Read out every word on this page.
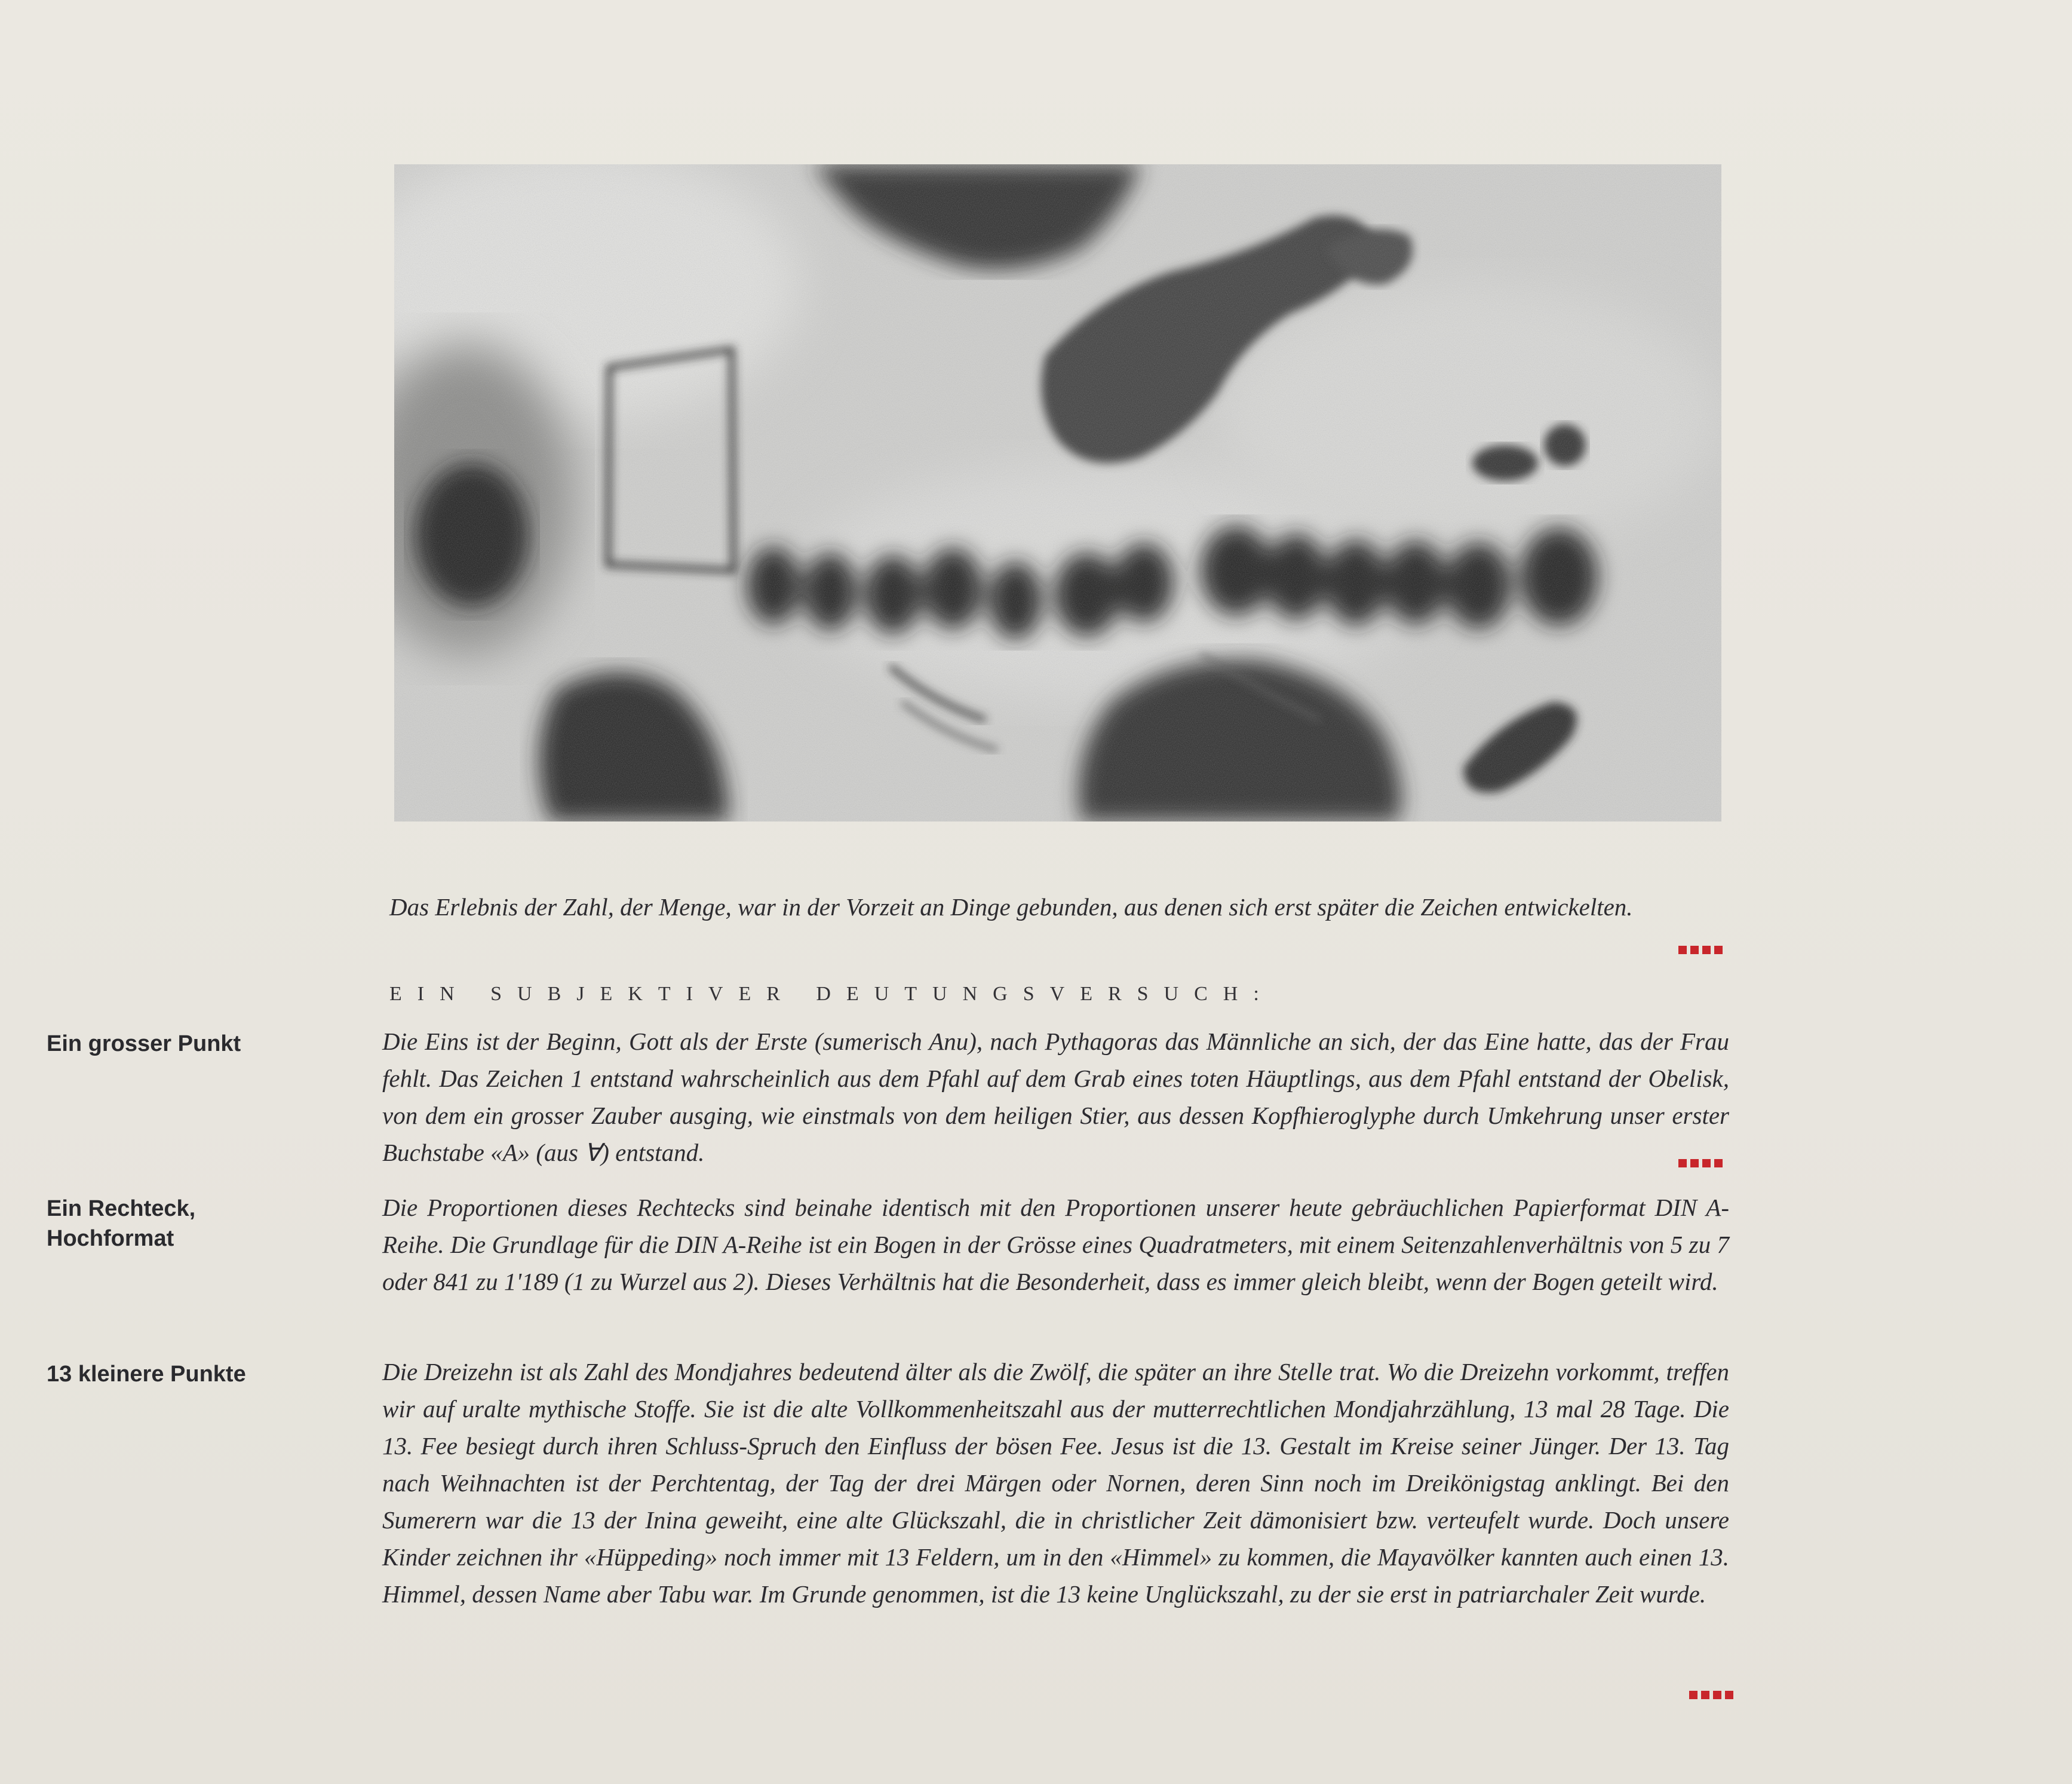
Das Erlebnis der Zahl, der Menge, war in der Vorzeit an Dinge gebunden, aus denen sich erst später die Zeichen entwickelten.
EIN SUBJEKTIVER DEUTUNGSVERSUCH:
Ein grosser Punkt	Die Eins ist der Beginn, Gott als der Erste (sumerisch Anu), nach Pythagoras das Männliche an sich, der das Eine hatte, das der Frau fehlt. Das Zeichen 1 entstand wahrscheinlich aus dem Pfahl auf dem Grab eines toten Häuptlings, aus dem Pfahl entstand der Obelisk, von dem ein grosser Zauber ausging, wie einstmals von dem heiligen Stier, aus dessen Kopfhieroglyphe durch Umkehrung unser erster Buchstabe «A» (aus ∀) entstand.
Ein Rechteck, Hochformat
Die Proportionen dieses Rechtecks sind beinahe identisch mit den Proportionen unserer heute gebräuchlichen Papierformat DIN A-Reihe. Die Grundlage für die DIN A-Reihe ist ein Bogen in der Grösse eines Quadratmeters, mit einem Seitenzahlenverhältnis von 5 zu 7 oder 841 zu 1'189 (1 zu Wurzel aus 2). Dieses Verhältnis hat die Besonderheit, dass es immer gleich bleibt, wenn der Bogen geteilt wird.
13 kleinere Punkte	Die Dreizehn ist als Zahl des Mondjahres bedeutend älter als die Zwölf, die später an ihre Stelle trat. Wo die Dreizehn vorkommt, treffen wir auf uralte mythische Stoffe. Sie ist die alte Vollkommenheitszahl aus der mutterrechtlichen Mondjahrzählung, 13 mal 28 Tage. Die 13. Fee besiegt durch ihren Schluss-Spruch den Einfluss der bösen Fee. Jesus ist die 13. Gestalt im Kreise seiner Jünger. Der 13. Tag nach Weihnachten ist der Perchtentag, der Tag der drei Märgen oder Nornen, deren Sinn noch im Dreikönigstag anklingt. Bei den Sumerern war die 13 der Inina geweiht, eine alte Glückszahl, die in christlicher Zeit dämonisiert bzw. verteufelt wurde. Doch unsere Kinder zeichnen ihr «Hüppeding» noch immer mit 13 Feldern, um in den «Himmel» zu kommen, die Mayavölker kannten auch einen 13. Himmel, dessen Name aber Tabu war. Im Grunde genommen, ist die 13 keine Unglückszahl, zu der sie erst in patriarchaler Zeit wurde.
